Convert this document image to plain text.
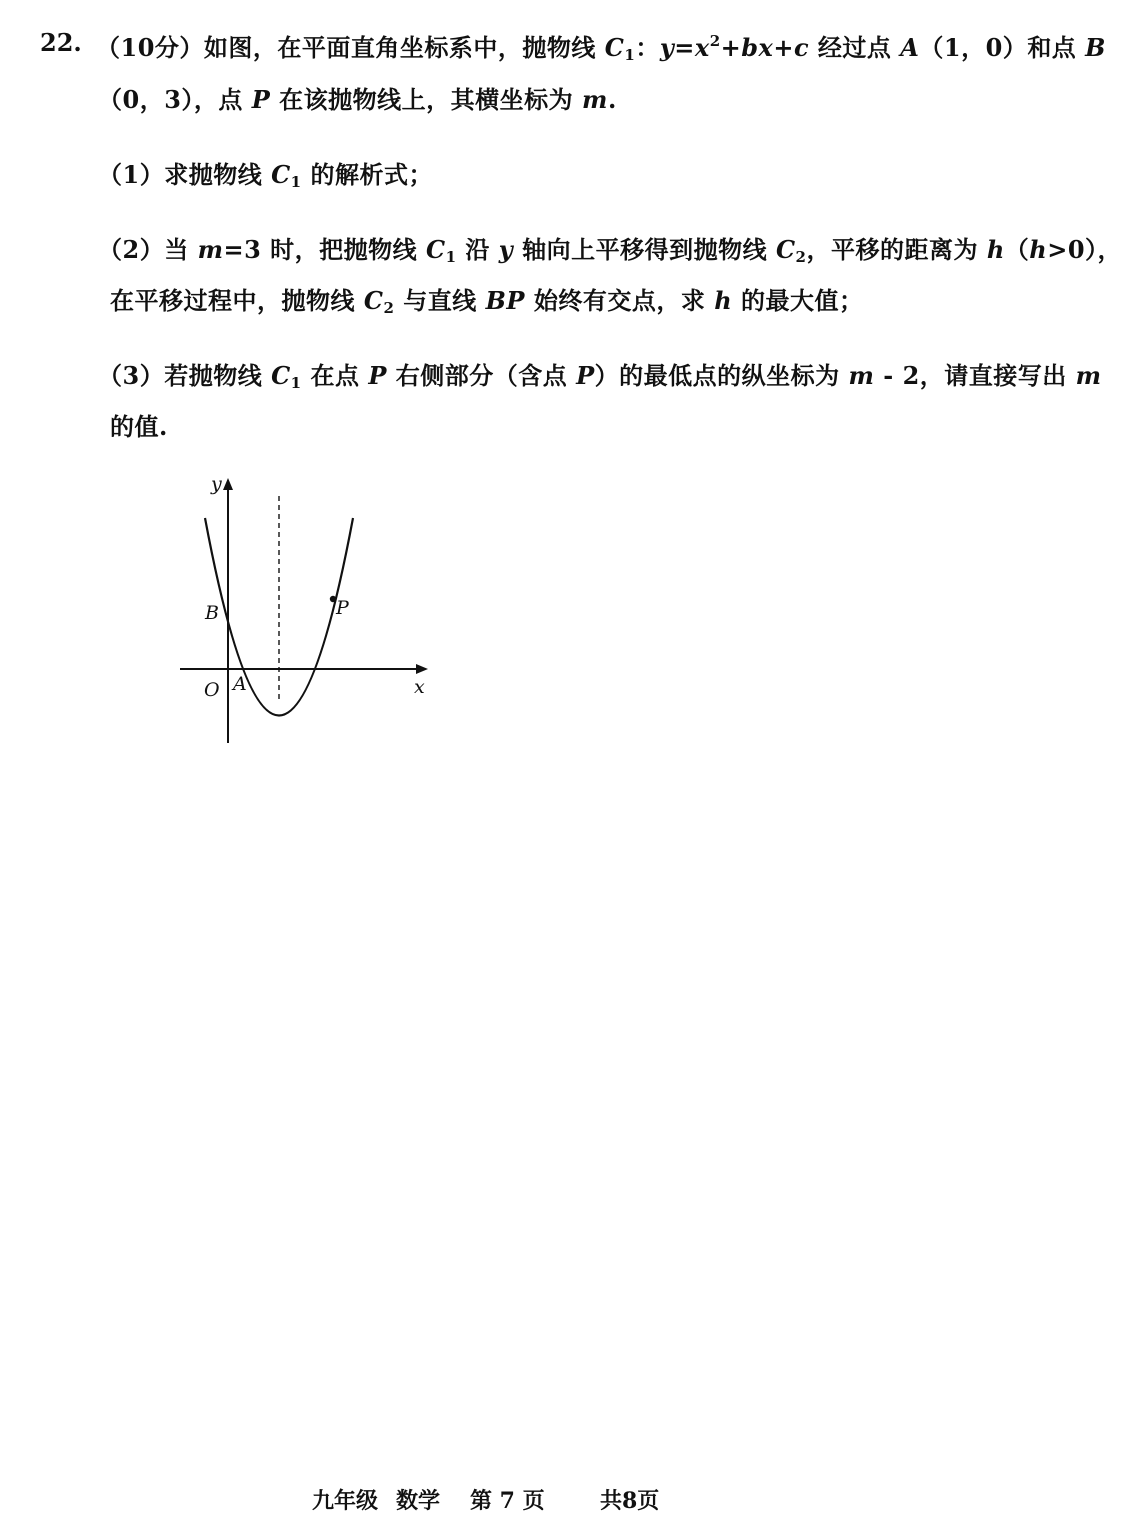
22. （10分）如图，在平面直角坐标系中，抛物线 $C_1$：$y=x^2+bx+c$ 经过点 A（1，0）和点 B
（0，3），点 P 在该抛物线上，其横坐标为 m.
（1）求抛物线 $C_1$ 的解析式；
（2）当 m=3 时，把抛物线 $C_1$ 沿 y 轴向上平移得到抛物线 $C_2$，平移的距离为 h（h>0），
在平移过程中，抛物线 $C_2$ 与直线 BP 始终有交点，求 h 的最大值；
（3）若抛物线 $C_1$ 在点 P 右侧部分（含点 P）的最低点的纵坐标为 m - 2，请直接写出 m
的值.
y
x
O A
B	P
九年级 数学 第 7 页	共8页
